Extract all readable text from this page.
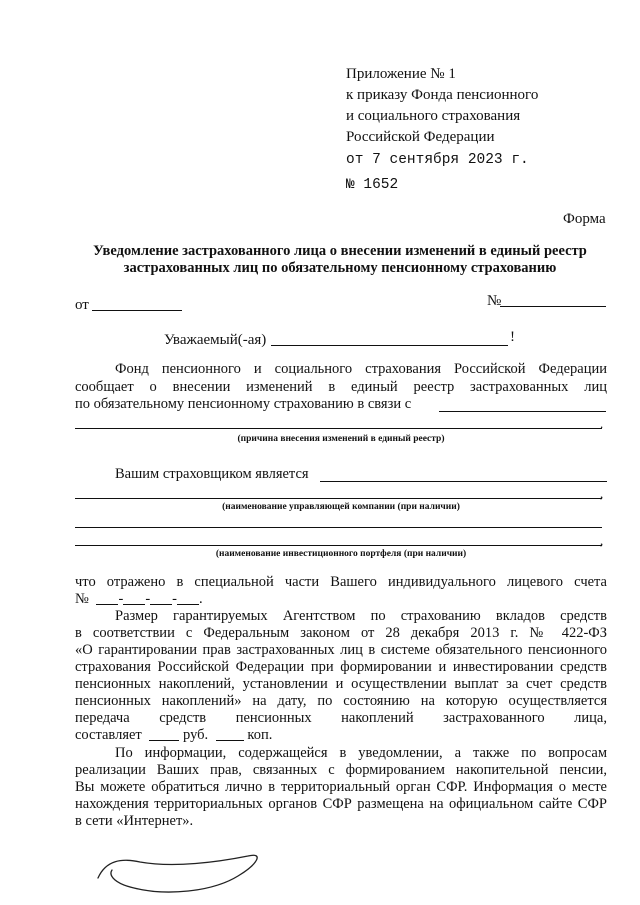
Приложение № 1
к приказу Фонда пенсионного
и социального страхования
Российской Федерации
от 7 сентября 2023 г.
№ 1652
Форма
Уведомление застрахованного лица о внесении изменений в единый реестр
застрахованных лиц по обязательному пенсионному страхованию
от	№
Уважаемый(-ая)	!
Фонд пенсионного и социального страхования Российской Федерации
сообщает о внесении изменений в единый реестр застрахованных лиц
по обязательному пенсионному страхованию в связи с
.
(причина внесения изменений в единый реестр)
Вашим страховщиком является
,
(наименование управляющей компании (при наличии)
,
(наименование инвестиционного портфеля (при наличии)
что отражено в специальной части Вашего индивидуального лицевого счета
№ - - - .
Размер гарантируемых Агентством по страхованию вкладов средств
в соответствии с Федеральным законом от 28 декабря 2013 г. № 422-ФЗ
«О гарантировании прав застрахованных лиц в системе обязательного пенсионного
страхования Российской Федерации при формировании и инвестировании средств
пенсионных накоплений, установлении и осуществлении выплат за счет средств
пенсионных накоплений» на дату, по состоянию на которую осуществляется
передача средств пенсионных накоплений застрахованного лица,
составляет	руб.	коп.
По информации, содержащейся в уведомлении, а также по вопросам
реализации Ваших прав, связанных с формированием накопительной пенсии,
Вы можете обратиться лично в территориальный орган СФР. Информация о месте
нахождения территориальных органов СФР размещена на официальном сайте СФР
в сети «Интернет».
